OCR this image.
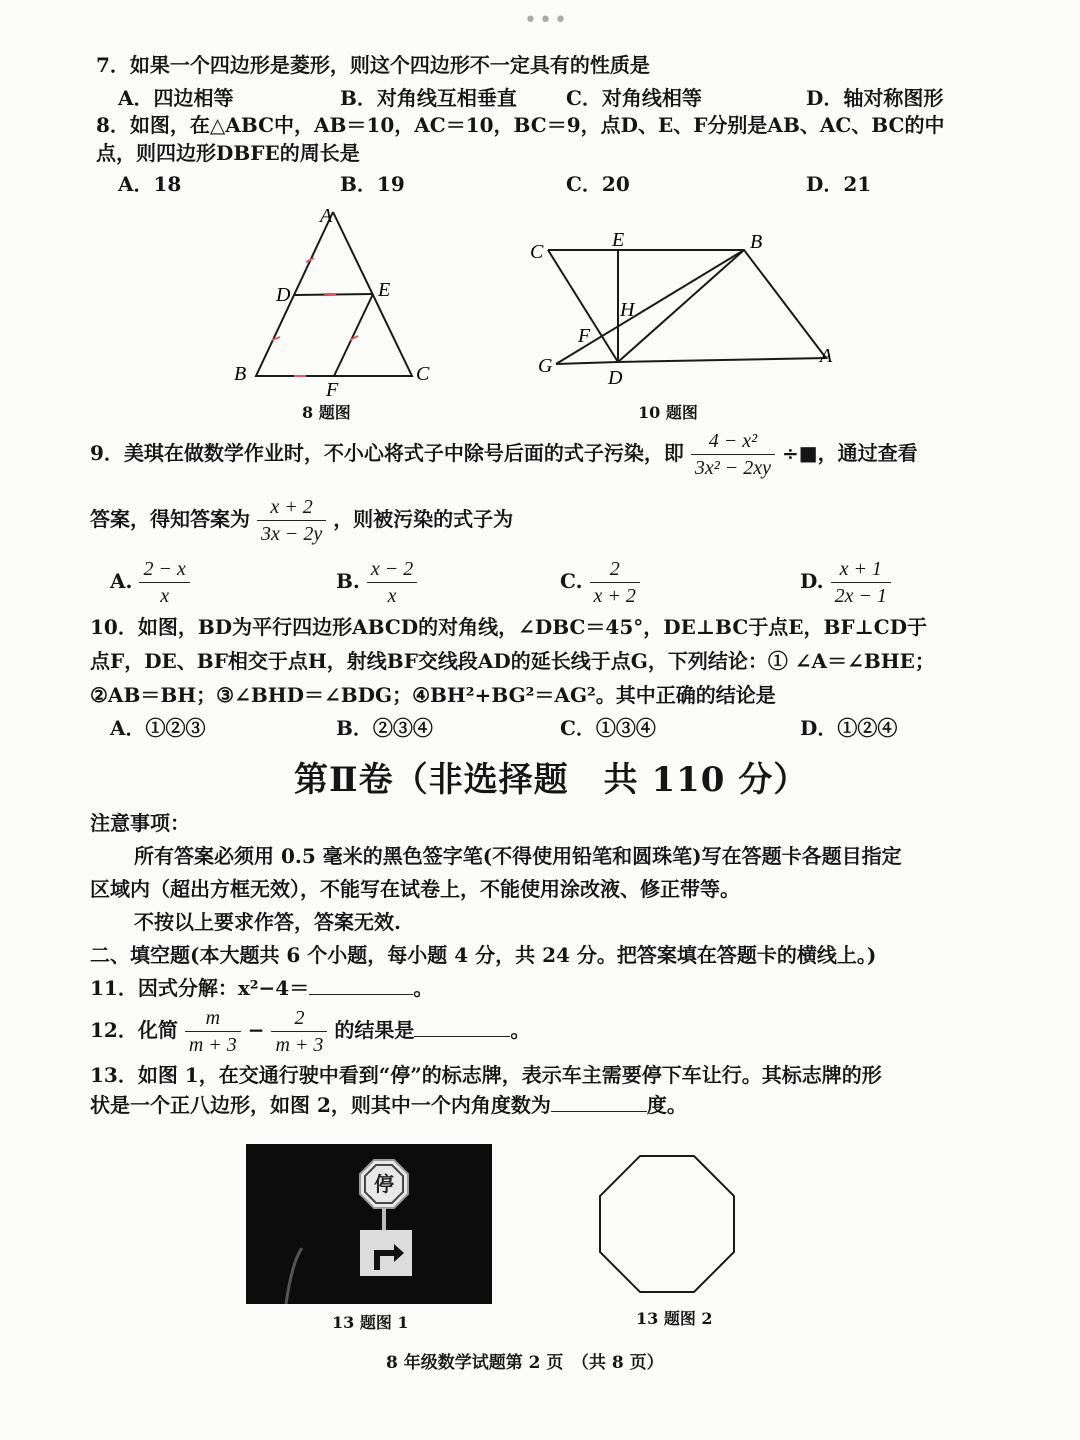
•••
7．如果一个四边形是菱形，则这个四边形不一定具有的性质是
A．四边相等	B．对角线互相垂直 C．对角线相等	D．轴对称图形
8．如图，在△ABC中，AB＝10，AC＝10，BC＝9，点D、E、F分别是AB、AC、BC的中
点，则四边形DBFE的周长是
A．18	B．19	C．20	D．21
A
D	E
B	C
F
8 题图
C
E	B
H
F
G
D
A
10 题图
9．美琪在做数学作业时，不小心将式子中除号后面的式子污染，即 $\frac{\text{4 − x²}}{\text{3x² − 2xy}}$ ÷■，通过查看
答案，得知答案为 $\frac{x + 2}{3x - 2y}$ ，则被污染的式子为
A. $\frac{2 - x}{x}$	B. $\frac{x - 2}{x}$	C. $\frac{2}{x + 2}$	D. $\frac{x + 1}{2x - 1}$
10．如图，BD为平行四边形ABCD的对角线，∠DBC＝45°，DE⊥BC于点E，BF⊥CD于
点F，DE、BF相交于点H，射线BF交线段AD的延长线于点G，下列结论：① ∠A＝∠BHE；
②AB＝BH；③∠BHD＝∠BDG；④BH²+BG²＝AG²。其中正确的结论是
A．①②③	B．②③④	C．①③④	D．①②④
第Ⅱ卷（非选择题　共 110 分）
注意事项：
所有答案必须用 0.5 毫米的黑色签字笔(不得使用铅笔和圆珠笔)写在答题卡各题目指定
区域内（超出方框无效），不能写在试卷上，不能使用涂改液、修正带等。
不按以上要求作答，答案无效.
二、填空题(本大题共 6 个小题，每小题 4 分，共 24 分。把答案填在答题卡的横线上。)
11．因式分解：x²−4＝	。
12．化简 $\frac{m}{m + 3} - \frac{2}{m + 3}$ 的结果是	。
13．如图 1，在交通行驶中看到“停”的标志牌，表示车主需要停下车让行。其标志牌的形
状是一个正八边形，如图 2，则其中一个内角度数为	度。
停
13 题图 1	13 题图 2
8 年级数学试题第 2 页　（共 8 页）
